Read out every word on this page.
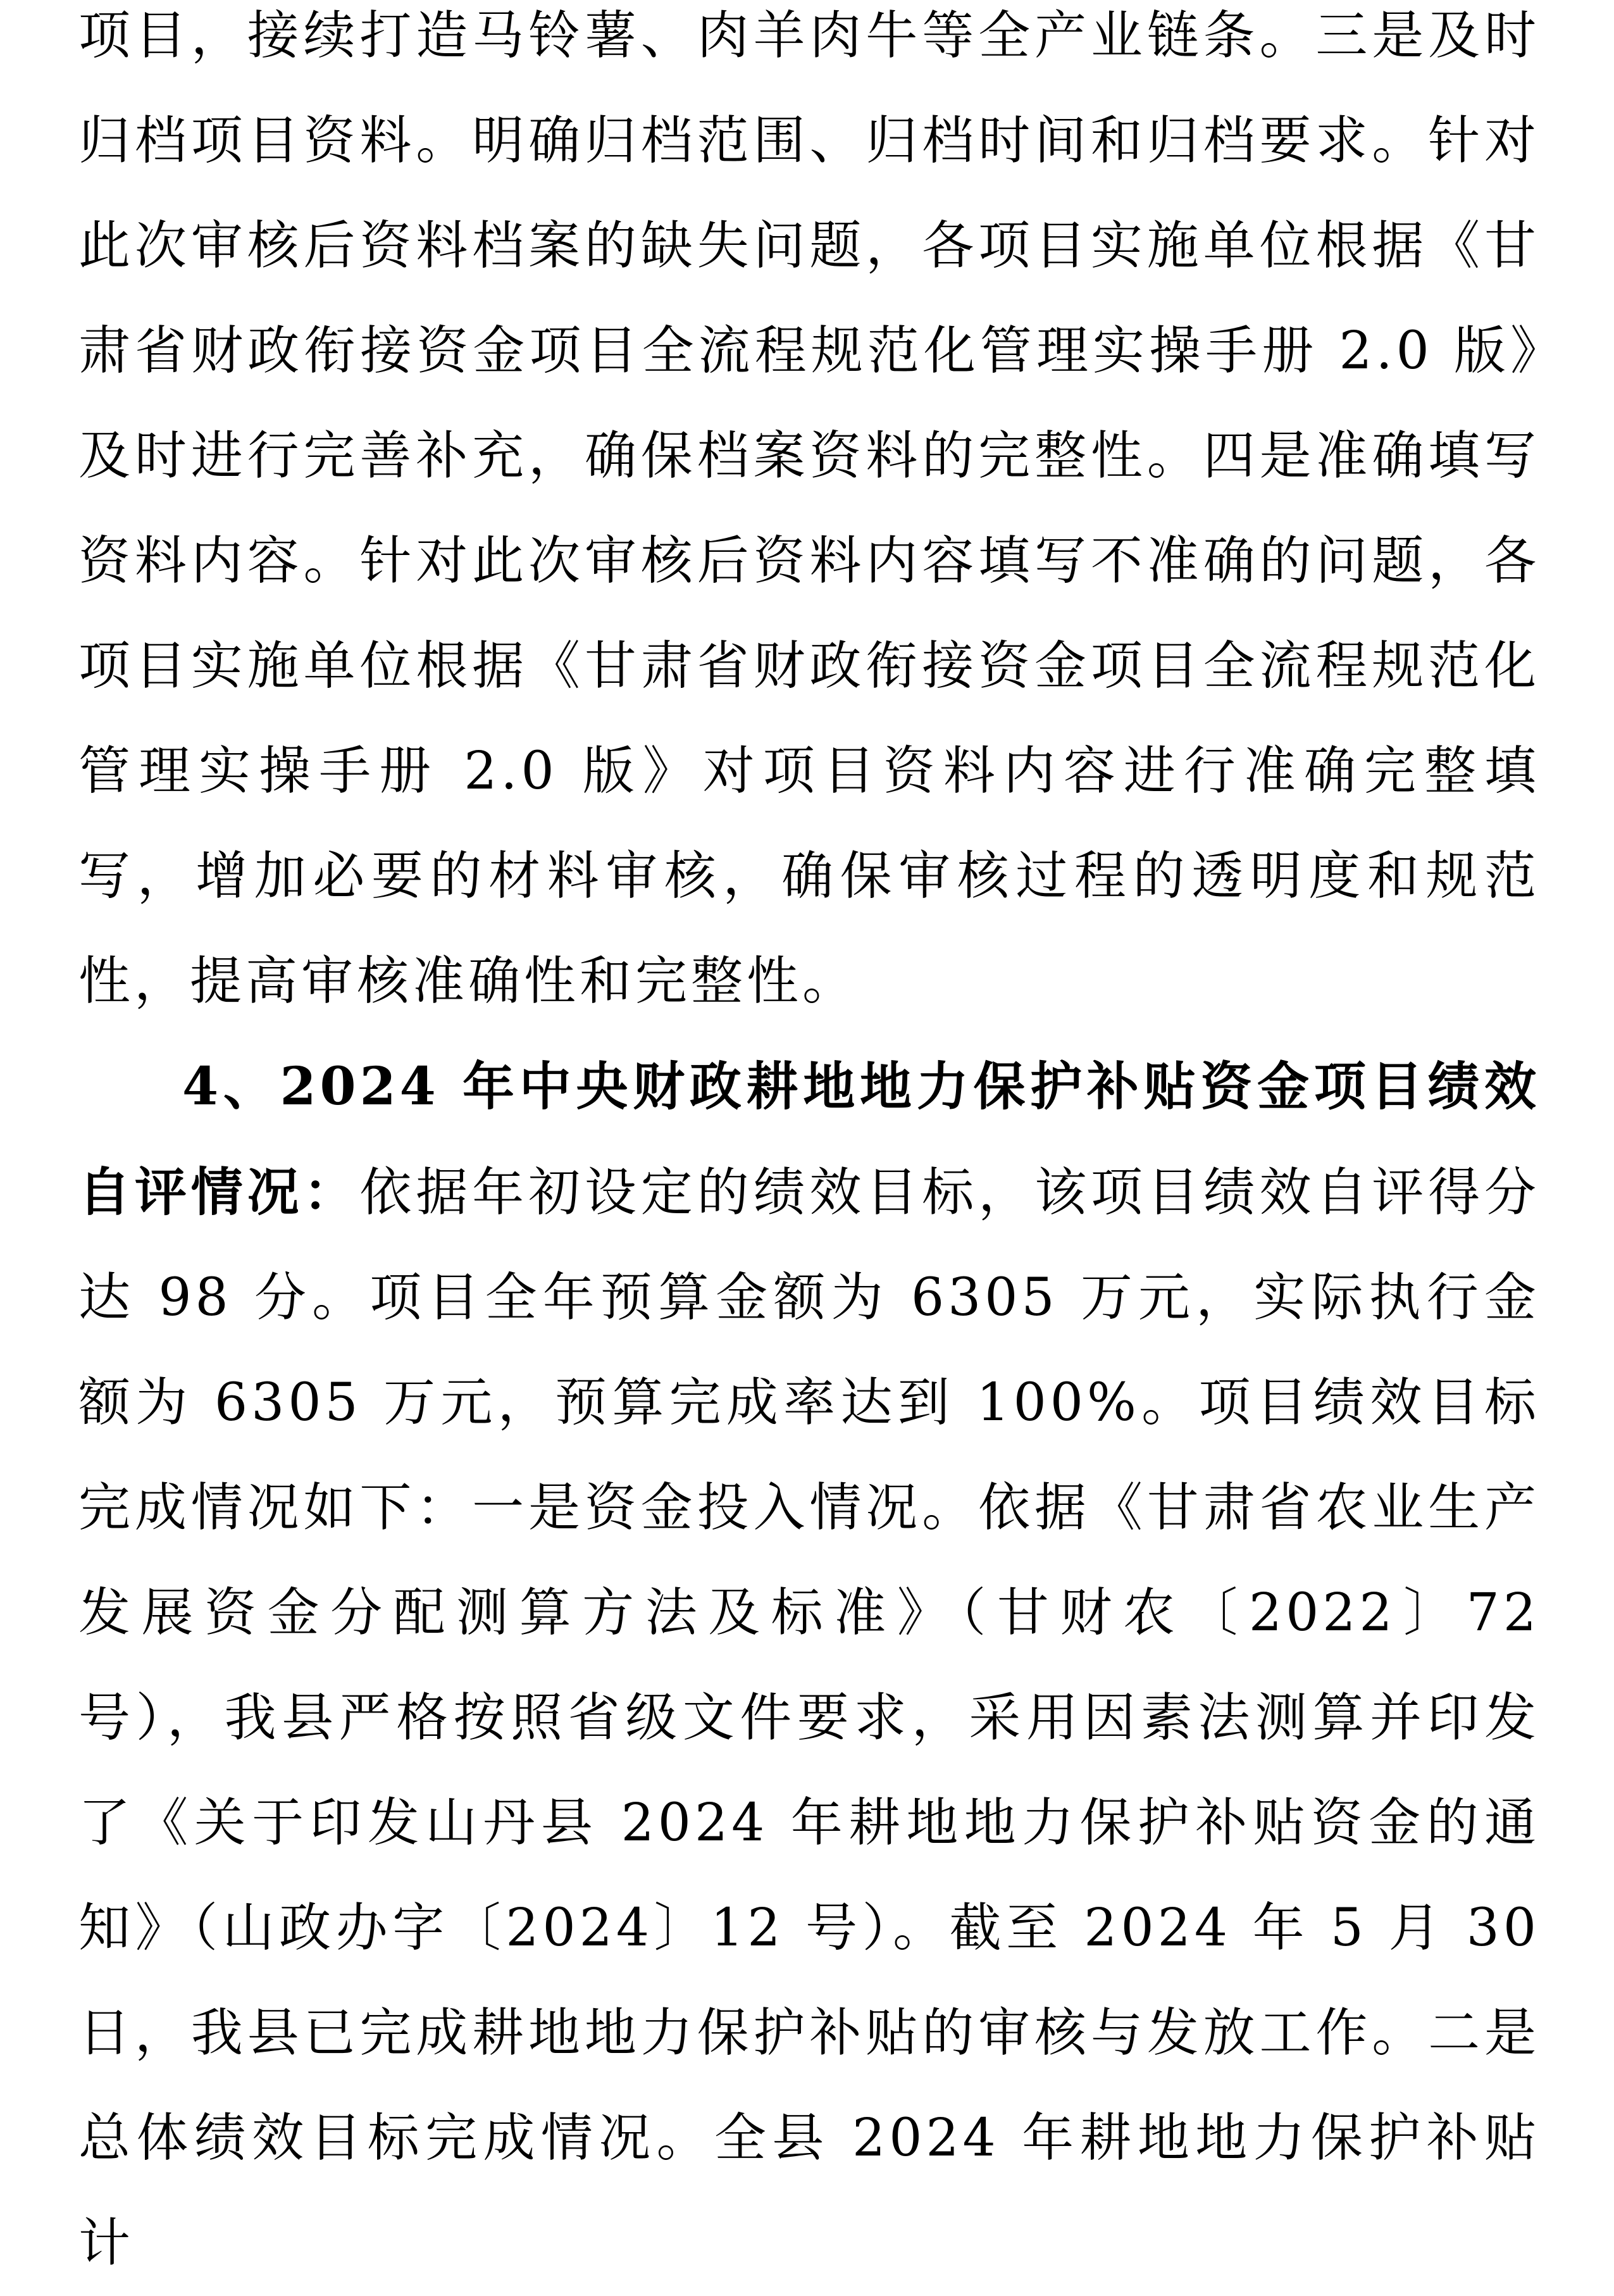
项目，接续打造马铃薯、肉羊肉牛等全产业链条。三是及时归档项目资料。明确归档范围、归档时间和归档要求。针对此次审核后资料档案的缺失问题，各项目实施单位根据《甘肃省财政衔接资金项目全流程规范化管理实操手册 2.0 版》及时进行完善补充，确保档案资料的完整性。四是准确填写资料内容。针对此次审核后资料内容填写不准确的问题，各项目实施单位根据《甘肃省财政衔接资金项目全流程规范化管理实操手册 2.0 版》对项目资料内容进行准确完整填写，增加必要的材料审核，确保审核过程的透明度和规范性，提高审核准确性和完整性。

4、2024 年中央财政耕地地力保护补贴资金项目绩效自评情况：依据年初设定的绩效目标，该项目绩效自评得分达 98 分。项目全年预算金额为 6305 万元，实际执行金额为 6305 万元，预算完成率达到 100%。项目绩效目标完成情况如下：一是资金投入情况。依据《甘肃省农业生产发展资金分配测算方法及标准》（甘财农〔2022〕72 号），我县严格按照省级文件要求，采用因素法测算并印发了《关于印发山丹县 2024 年耕地地力保护补贴资金的通知》（山政办字〔2024〕12 号）。截至 2024 年 5 月 30 日，我县已完成耕地地力保护补贴的审核与发放工作。二是总体绩效目标完成情况。全县 2024 年耕地地力保护补贴计
